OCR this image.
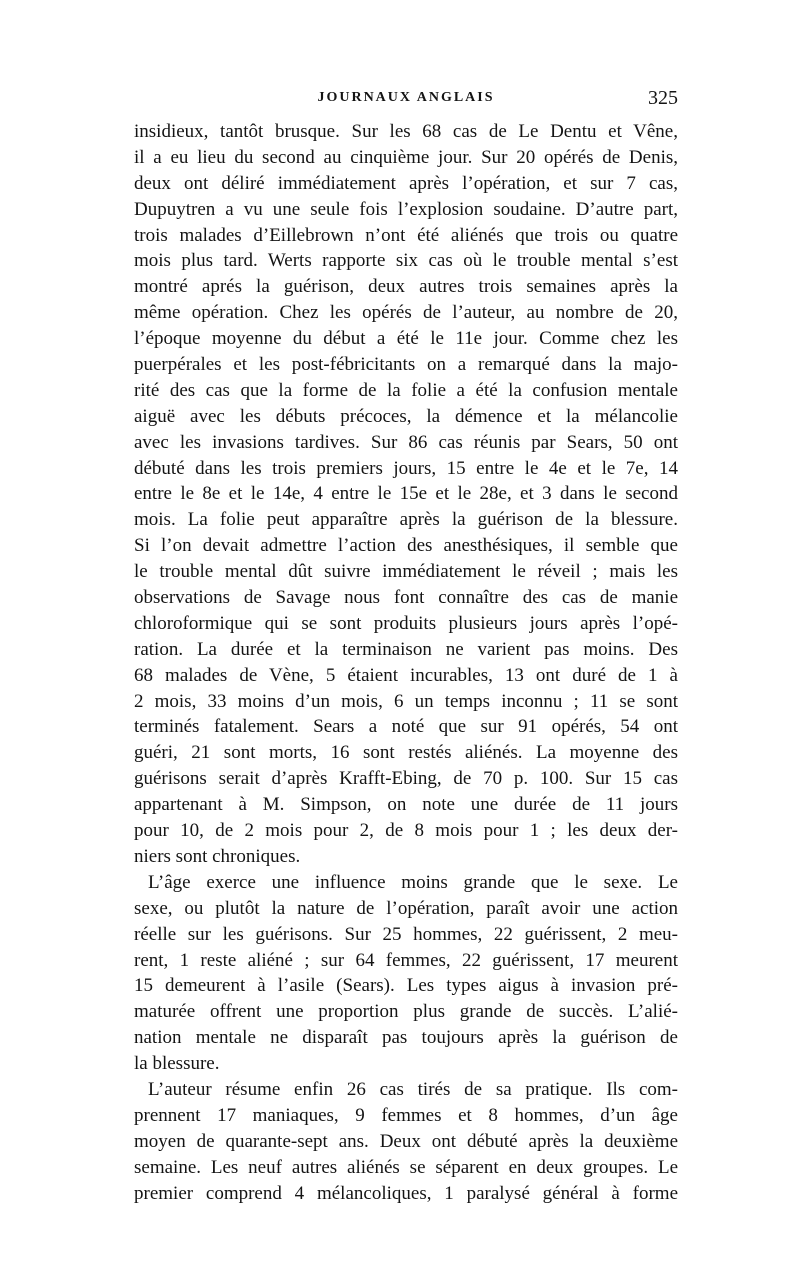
JOURNAUX ANGLAIS	325
insidieux, tantôt brusque. Sur les 68 cas de Le Dentu et Vêne,
il a eu lieu du second au cinquième jour. Sur 20 opérés de Denis,
deux ont déliré immédiatement après l’opération, et sur 7 cas,
Dupuytren a vu une seule fois l’explosion soudaine. D’autre part,
trois malades d’Eillebrown n’ont été aliénés que trois ou quatre
mois plus tard. Werts rapporte six cas où le trouble mental s’est
montré aprés la guérison, deux autres trois semaines après la
même opération. Chez les opérés de l’auteur, au nombre de 20,
l’époque moyenne du début a été le 11e jour. Comme chez les
puerpérales et les post-fébricitants on a remarqué dans la majo-
rité des cas que la forme de la folie a été la confusion mentale
aiguë avec les débuts précoces, la démence et la mélancolie
avec les invasions tardives. Sur 86 cas réunis par Sears, 50 ont
débuté dans les trois premiers jours, 15 entre le 4e et le 7e, 14
entre le 8e et le 14e, 4 entre le 15e et le 28e, et 3 dans le second
mois. La folie peut apparaître après la guérison de la blessure.
Si l’on devait admettre l’action des anesthésiques, il semble que
le trouble mental dût suivre immédiatement le réveil ; mais les
observations de Savage nous font connaître des cas de manie
chloroformique qui se sont produits plusieurs jours après l’opé-
ration. La durée et la terminaison ne varient pas moins. Des
68 malades de Vène, 5 étaient incurables, 13 ont duré de 1 à
2 mois, 33 moins d’un mois, 6 un temps inconnu ; 11 se sont
terminés fatalement. Sears a noté que sur 91 opérés, 54 ont
guéri, 21 sont morts, 16 sont restés aliénés. La moyenne des
guérisons serait d’après Krafft-Ebing, de 70 p. 100. Sur 15 cas
appartenant à M. Simpson, on note une durée de 11 jours
pour 10, de 2 mois pour 2, de 8 mois pour 1 ; les deux der-
niers sont chroniques.
L’âge exerce une influence moins grande que le sexe. Le
sexe, ou plutôt la nature de l’opération, paraît avoir une action
réelle sur les guérisons. Sur 25 hommes, 22 guérissent, 2 meu-
rent, 1 reste aliéné ; sur 64 femmes, 22 guérissent, 17 meurent
15 demeurent à l’asile (Sears). Les types aigus à invasion pré-
maturée offrent une proportion plus grande de succès. L’alié-
nation mentale ne disparaît pas toujours après la guérison de
la blessure.
L’auteur résume enfin 26 cas tirés de sa pratique. Ils com-
prennent 17 maniaques, 9 femmes et 8 hommes, d’un âge
moyen de quarante-sept ans. Deux ont débuté après la deuxième
semaine. Les neuf autres aliénés se séparent en deux groupes. Le
premier comprend 4 mélancoliques, 1 paralysé général à forme
